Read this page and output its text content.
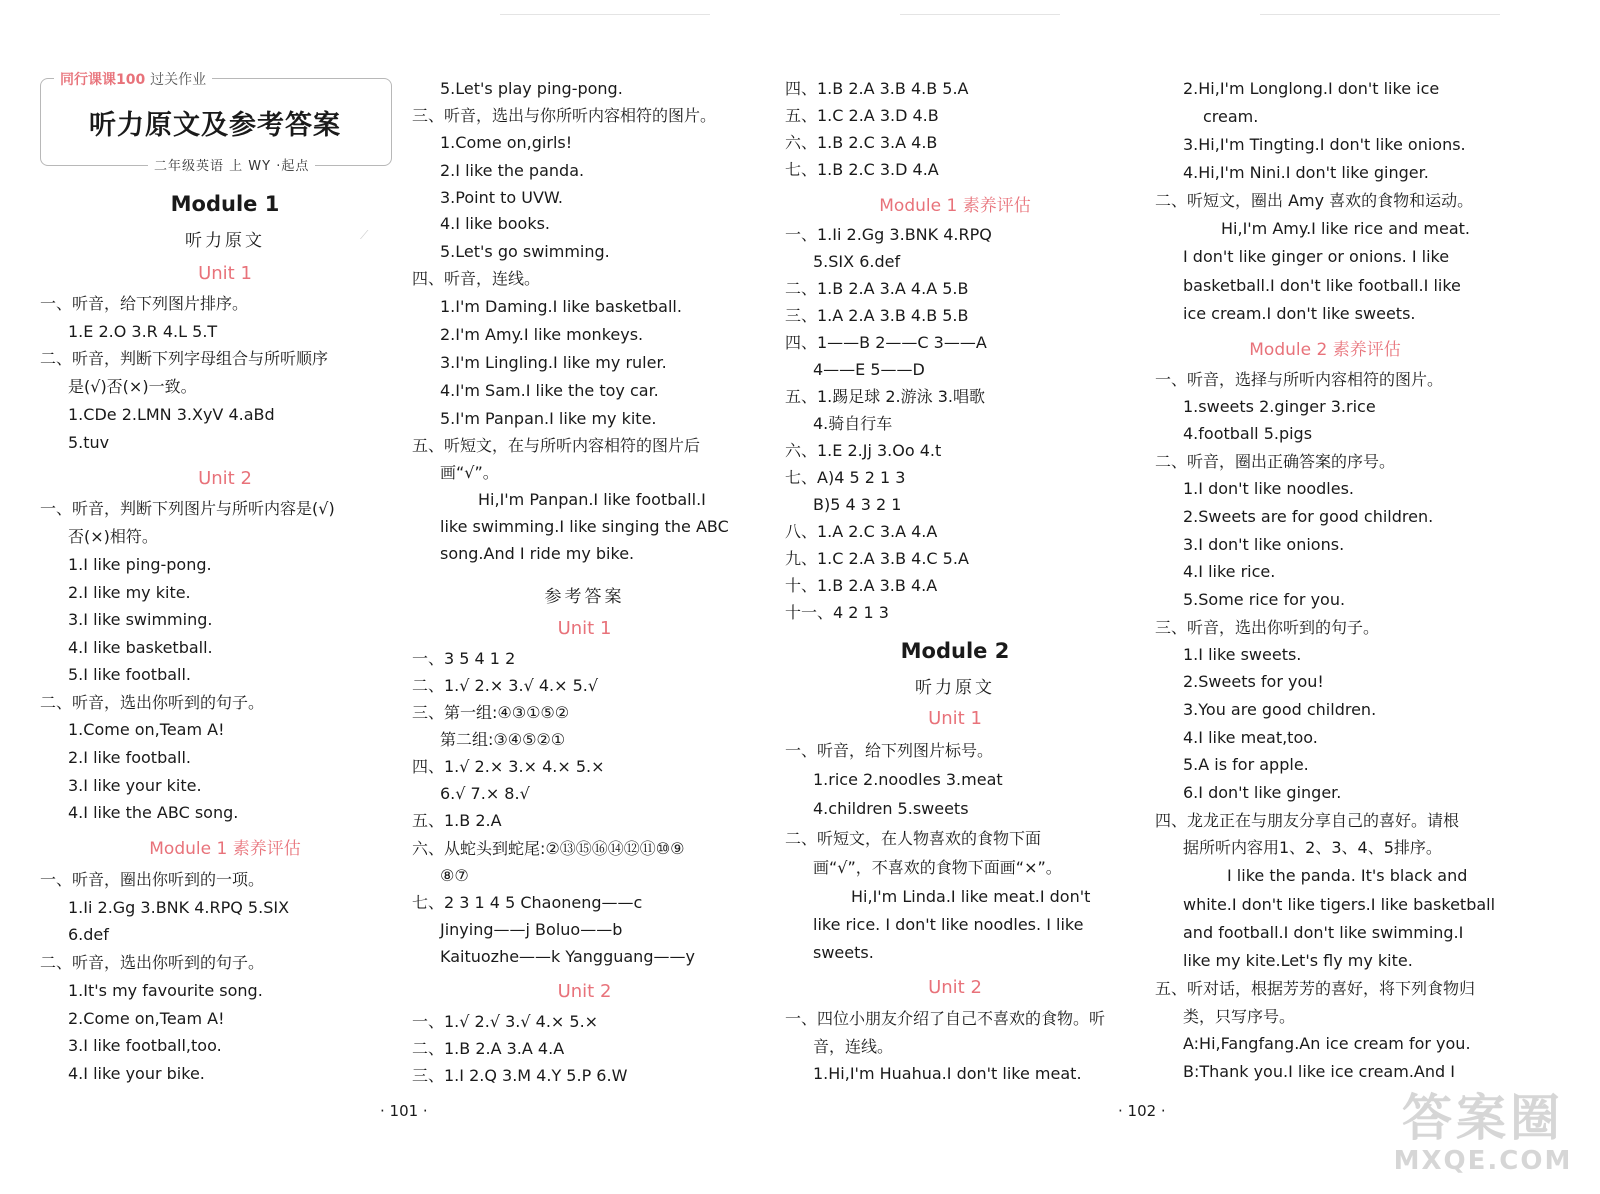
同行课课100 过关作业
听力原文及参考答案
二年级英语 上 WY ·起点
⟋
Module 1
听力原文
Unit 1
一、听音，给下列图片排序。
1.E 2.O 3.R 4.L 5.T
二、听音，判断下列字母组合与所听顺序
是(√)否(×)一致。
1.CDe 2.LMN 3.XyV 4.aBd
5.tuv
Unit 2
一、听音，判断下列图片与所听内容是(√)
否(×)相符。
1.I like ping-pong.
2.I like my kite.
3.I like swimming.
4.I like basketball.
5.I like football.
二、听音，选出你听到的句子。
1.Come on,Team A!
2.I like football.
3.I like your kite.
4.I like the ABC song.
Module 1 素养评估
一、听音，圈出你听到的一项。
1.Ii 2.Gg 3.BNK 4.RPQ 5.SIX
6.def
二、听音，选出你听到的句子。
1.It's my favourite song.
2.Come on,Team A!
3.I like football,too.
4.I like your bike.
5.Let's play ping-pong.
三、听音，选出与你所听内容相符的图片。
1.Come on,girls!
2.I like the panda.
3.Point to UVW.
4.I like books.
5.Let's go swimming.
四、听音，连线。
1.I'm Daming.I like basketball.
2.I'm Amy.I like monkeys.
3.I'm Lingling.I like my ruler.
4.I'm Sam.I like the toy car.
5.I'm Panpan.I like my kite.
五、听短文，在与所听内容相符的图片后
画“√”。
Hi,I'm Panpan.I like football.I
like swimming.I like singing the ABC
song.And I ride my bike.
参考答案
Unit 1
一、3 5 4 1 2
二、1.√ 2.× 3.√ 4.× 5.√
三、第一组:④③①⑤②
第二组:③④⑤②①
四、1.√ 2.× 3.× 4.× 5.×
6.√ 7.× 8.√
五、1.B 2.A
六、从蛇头到蛇尾:②⑬⑮⑯⑭⑫⑪⑩⑨
⑧⑦
七、2 3 1 4 5 Chaoneng——c
Jinying——j Boluo——b
Kaituozhe——k Yangguang——y
Unit 2
一、1.√ 2.√ 3.√ 4.× 5.×
二、1.B 2.A 3.A 4.A
三、1.I 2.Q 3.M 4.Y 5.P 6.W
四、1.B 2.A 3.B 4.B 5.A
五、1.C 2.A 3.D 4.B
六、1.B 2.C 3.A 4.B
七、1.B 2.C 3.D 4.A
Module 1 素养评估
一、1.Ii 2.Gg 3.BNK 4.RPQ
5.SIX 6.def
二、1.B 2.A 3.A 4.A 5.B
三、1.A 2.A 3.B 4.B 5.B
四、1——B 2——C 3——A
4——E 5——D
五、1.踢足球 2.游泳 3.唱歌
4.骑自行车
六、1.E 2.Jj 3.Oo 4.t
七、A)4 5 2 1 3
B)5 4 3 2 1
八、1.A 2.C 3.A 4.A
九、1.C 2.A 3.B 4.C 5.A
十、1.B 2.A 3.B 4.A
十一、4 2 1 3
Module 2
听力原文
Unit 1
一、听音，给下列图片标号。
1.rice 2.noodles 3.meat
4.children 5.sweets
二、听短文，在人物喜欢的食物下面
画“√”，不喜欢的食物下面画“×”。
Hi,I'm Linda.I like meat.I don't
like rice. I don't like noodles. I like
sweets.
Unit 2
一、四位小朋友介绍了自己不喜欢的食物。听
音，连线。
1.Hi,I'm Huahua.I don't like meat.
2.Hi,I'm Longlong.I don't like ice
cream.
3.Hi,I'm Tingting.I don't like onions.
4.Hi,I'm Nini.I don't like ginger.
二、听短文，圈出 Amy 喜欢的食物和运动。
Hi,I'm Amy.I like rice and meat.
I don't like ginger or onions. I like
basketball.I don't like football.I like
ice cream.I don't like sweets.
Module 2 素养评估
一、听音，选择与所听内容相符的图片。
1.sweets 2.ginger 3.rice
4.football 5.pigs
二、听音，圈出正确答案的序号。
1.I don't like noodles.
2.Sweets are for good children.
3.I don't like onions.
4.I like rice.
5.Some rice for you.
三、听音，选出你听到的句子。
1.I like sweets.
2.Sweets for you!
3.You are good children.
4.I like meat,too.
5.A is for apple.
6.I don't like ginger.
四、龙龙正在与朋友分享自己的喜好。请根
据所听内容用1、2、3、4、5排序。
I like the panda. It's black and
white.I don't like tigers.I like basketball
and football.I don't like swimming.I
like my kite.Let's fly my kite.
五、听对话，根据芳芳的喜好，将下列食物归
类，只写序号。
A:Hi,Fangfang.An ice cream for you.
B:Thank you.I like ice cream.And I
· 101 ·	· 102 ·	答案圈
MXQE.COM
